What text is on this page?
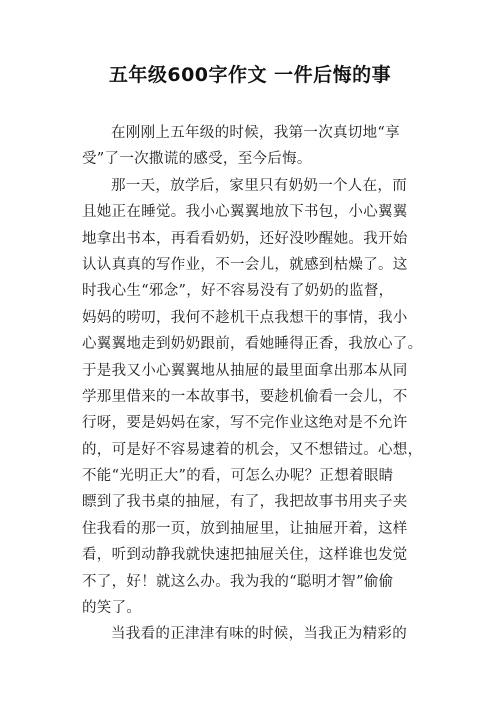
五年级600字作文 一件后悔的事
在刚刚上五年级的时候，我第一次真切地“享
受”了一次撒谎的感受，至今后悔。
那一天，放学后，家里只有奶奶一个人在，而
且她正在睡觉。我小心翼翼地放下书包，小心翼翼
地拿出书本，再看看奶奶，还好没吵醒她。我开始
认认真真的写作业，不一会儿，就感到枯燥了。这
时我心生“邪念”，好不容易没有了奶奶的监督，
妈妈的唠叨，我何不趁机干点我想干的事情，我小
心翼翼地走到奶奶跟前，看她睡得正香，我放心了。
于是我又小心翼翼地从抽屉的最里面拿出那本从同
学那里借来的一本故事书，要趁机偷看一会儿，不
行呀，要是妈妈在家，写不完作业这绝对是不允许
的，可是好不容易逮着的机会，又不想错过。心想，
不能“光明正大”的看，可怎么办呢？正想着眼睛
瞟到了我书桌的抽屉，有了，我把故事书用夹子夹
住我看的那一页，放到抽屉里，让抽屉开着，这样
看，听到动静我就快速把抽屉关住，这样谁也发觉
不了，好！就这么办。我为我的“聪明才智”偷偷
的笑了。
当我看的正津津有味的时候，当我正为精彩的
